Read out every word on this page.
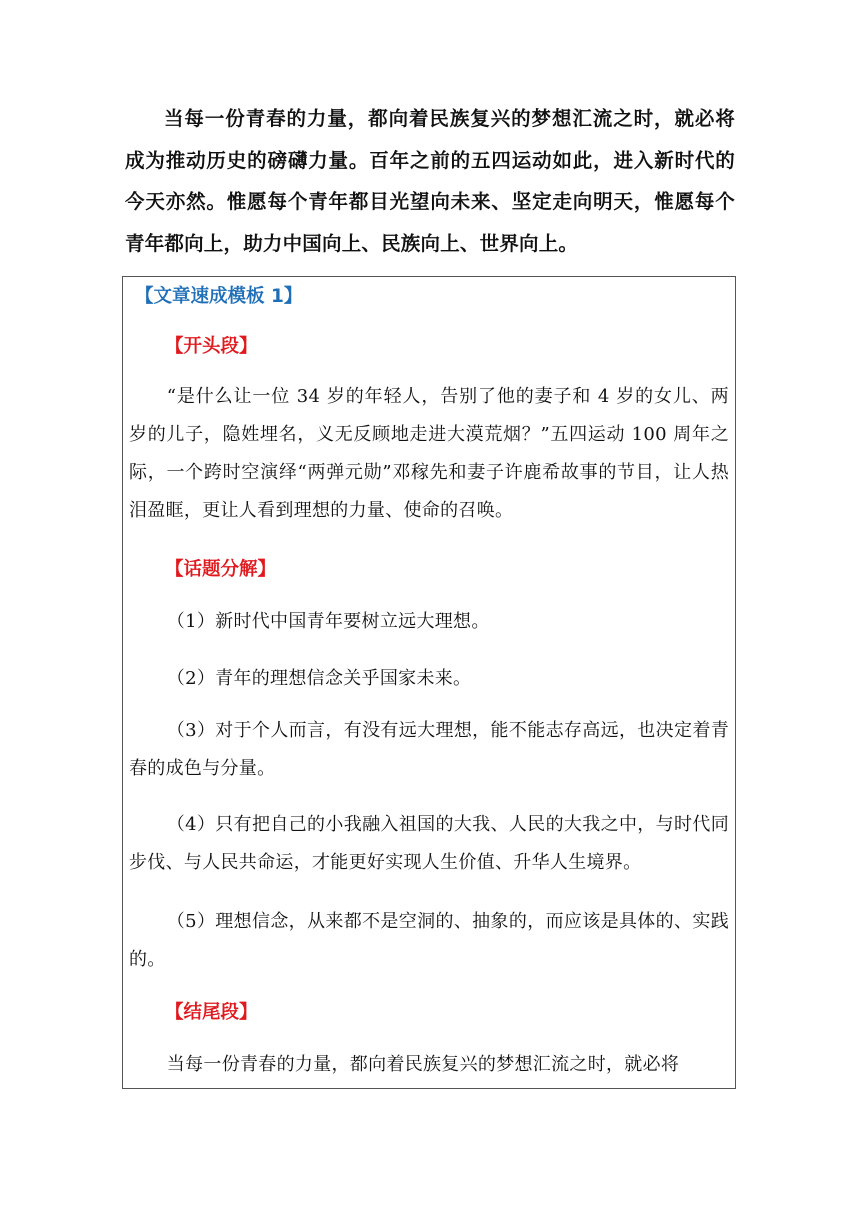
当每一份青春的力量，都向着民族复兴的梦想汇流之时，就必将成为推动历史的磅礴力量。百年之前的五四运动如此，进入新时代的今天亦然。惟愿每个青年都目光望向未来、坚定走向明天，惟愿每个青年都向上，助力中国向上、民族向上、世界向上。

【文章速成模板 1】

【开头段】

“是什么让一位 34 岁的年轻人，告别了他的妻子和 4 岁的女儿、两岁的儿子，隐姓埋名，义无反顾地走进大漠荒烟？”五四运动 100 周年之际，一个跨时空演绎“两弹元勋”邓稼先和妻子许鹿希故事的节目，让人热泪盈眶，更让人看到理想的力量、使命的召唤。

【话题分解】

（1）新时代中国青年要树立远大理想。

（2）青年的理想信念关乎国家未来。

（3）对于个人而言，有没有远大理想，能不能志存高远，也决定着青春的成色与分量。

（4）只有把自己的小我融入祖国的大我、人民的大我之中，与时代同步伐、与人民共命运，才能更好实现人生价值、升华人生境界。

（5）理想信念，从来都不是空洞的、抽象的，而应该是具体的、实践的。

【结尾段】

当每一份青春的力量，都向着民族复兴的梦想汇流之时，就必将
